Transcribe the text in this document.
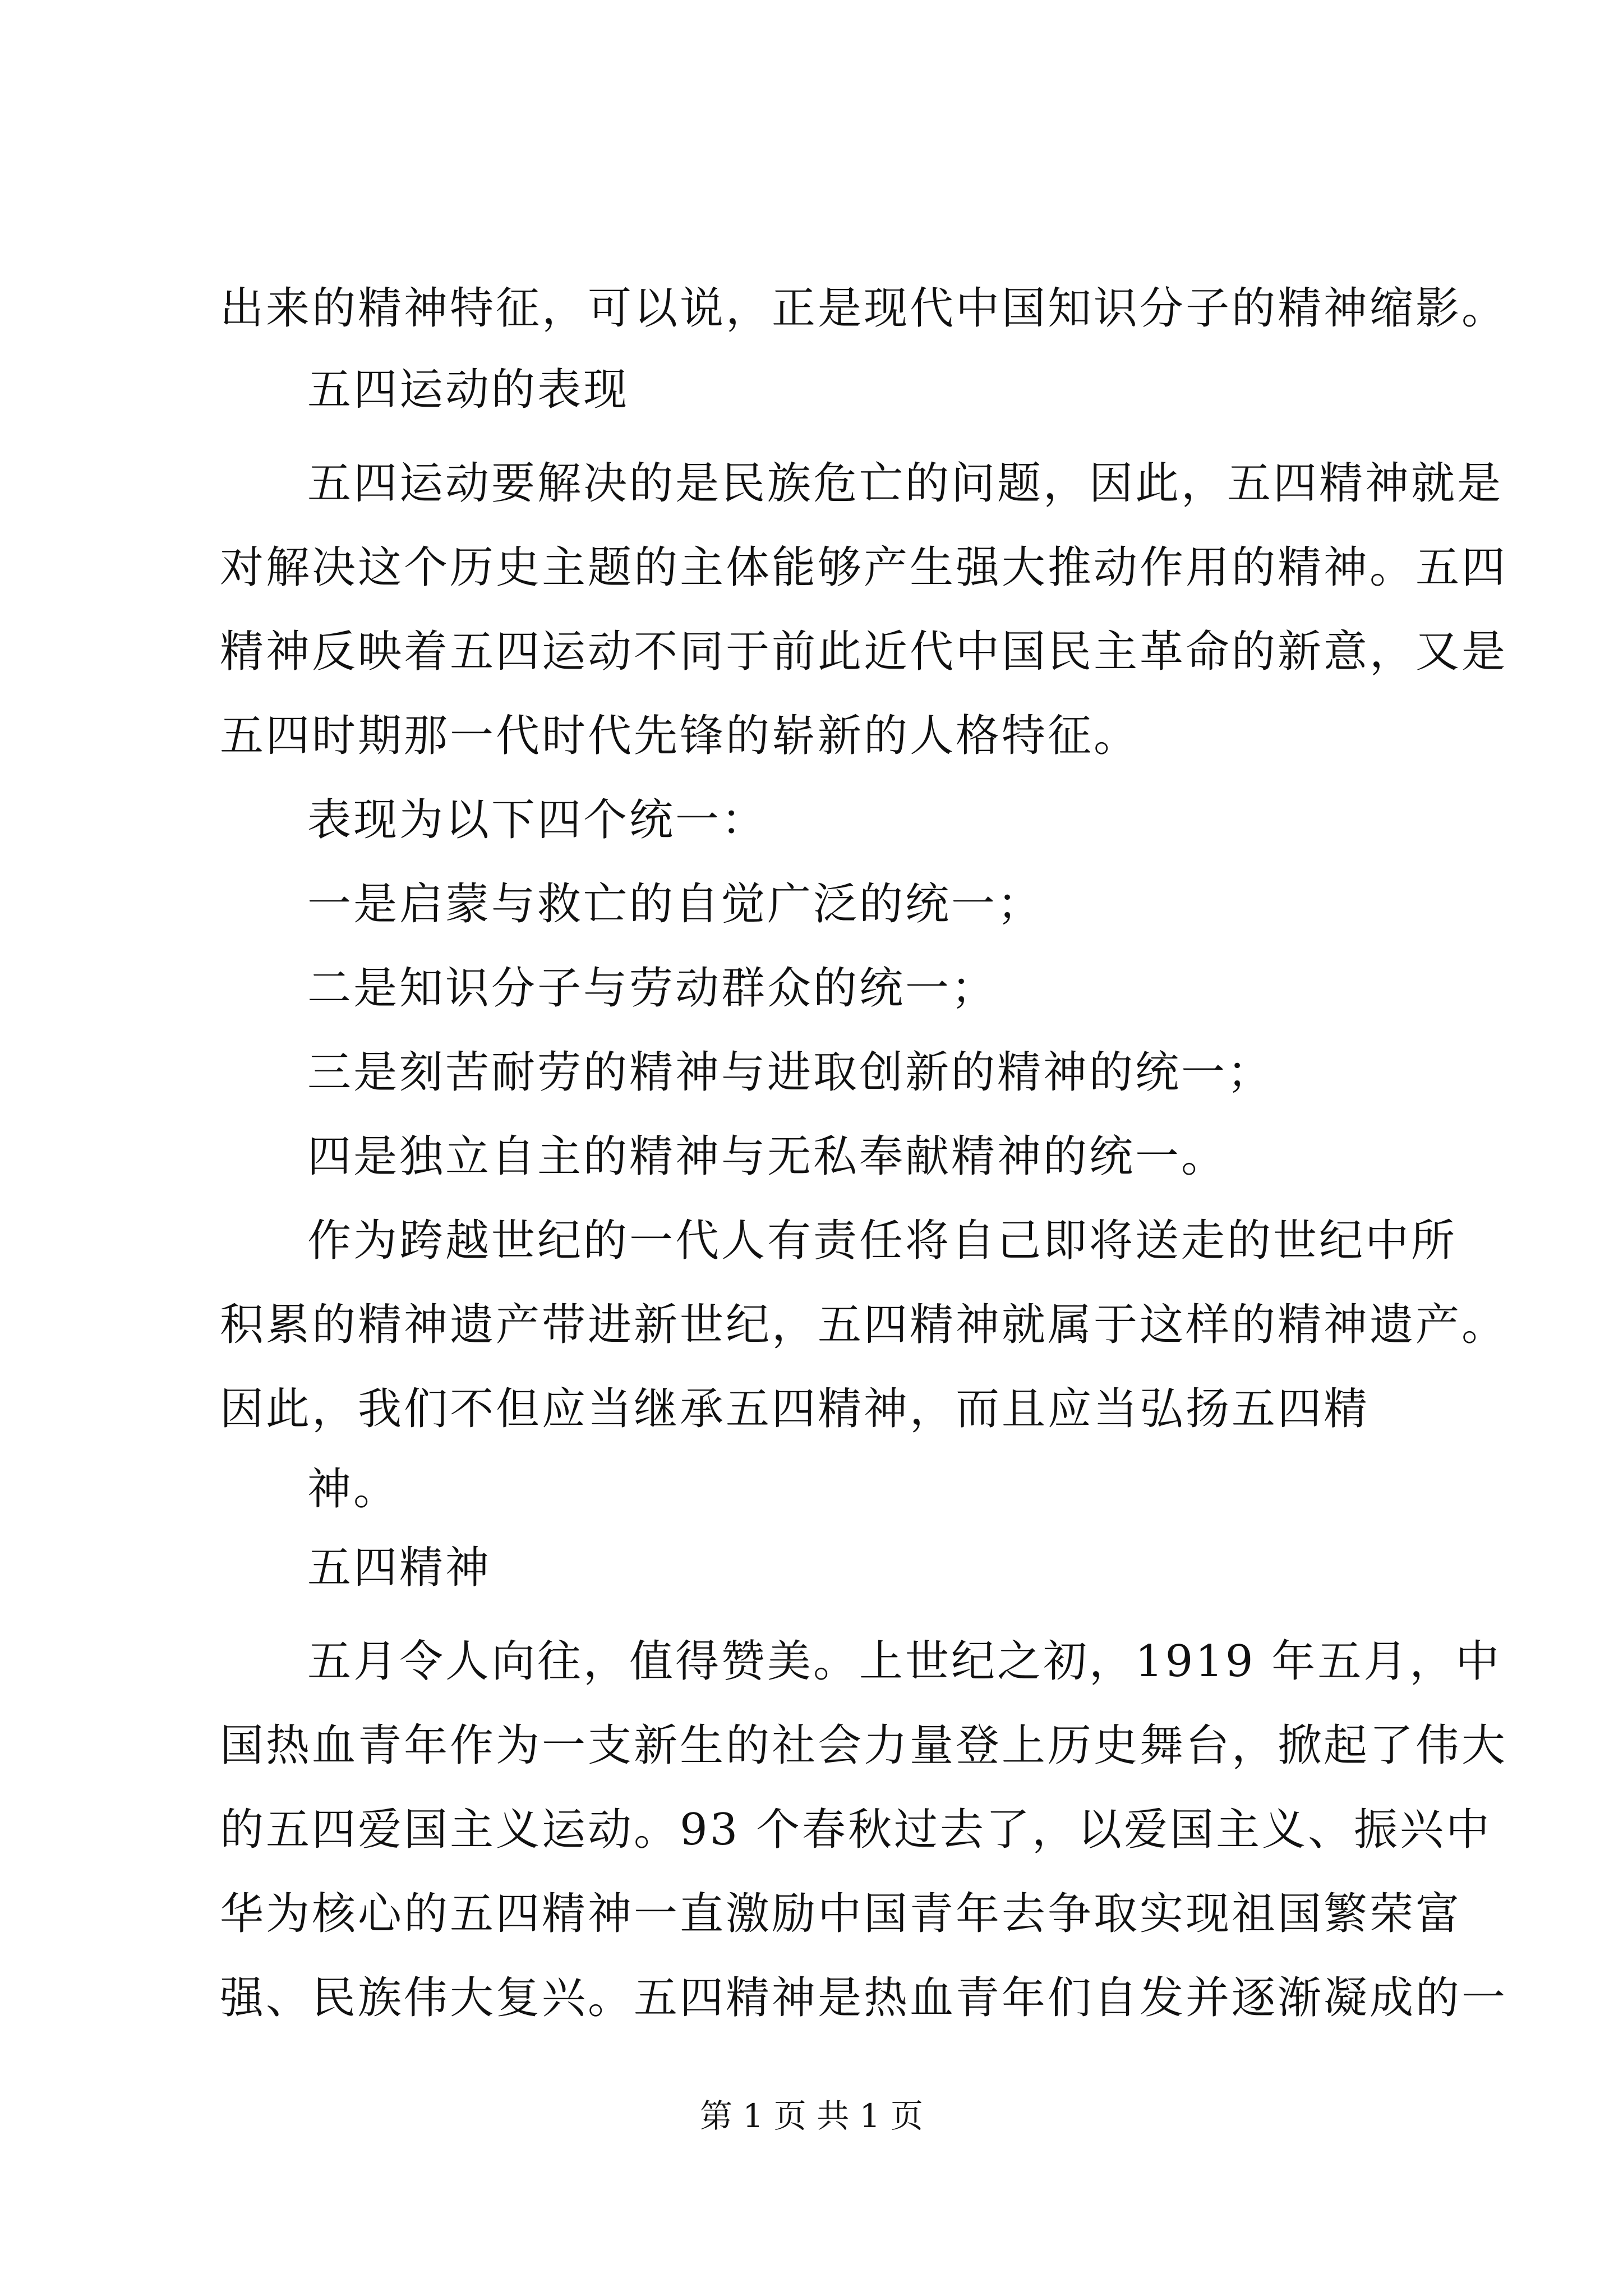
出来的精神特征，可以说，正是现代中国知识分子的精神缩影。
五四运动的表现
五四运动要解决的是民族危亡的问题，因此，五四精神就是
对解决这个历史主题的主体能够产生强大推动作用的精神。五四
精神反映着五四运动不同于前此近代中国民主革命的新意，又是
五四时期那一代时代先锋的崭新的人格特征。
表现为以下四个统一：
一是启蒙与救亡的自觉广泛的统一；
二是知识分子与劳动群众的统一；
三是刻苦耐劳的精神与进取创新的精神的统一；
四是独立自主的精神与无私奉献精神的统一。
作为跨越世纪的一代人有责任将自己即将送走的世纪中所
积累的精神遗产带进新世纪，五四精神就属于这样的精神遗产。
因此，我们不但应当继承五四精神，而且应当弘扬五四精
神。
五四精神
五月令人向往，值得赞美。上世纪之初，1919 年五月，中
国热血青年作为一支新生的社会力量登上历史舞台，掀起了伟大
的五四爱国主义运动。93 个春秋过去了，以爱国主义、振兴中
华为核心的五四精神一直激励中国青年去争取实现祖国繁荣富
强、民族伟大复兴。五四精神是热血青年们自发并逐渐凝成的一
第 1 页 共 1 页
